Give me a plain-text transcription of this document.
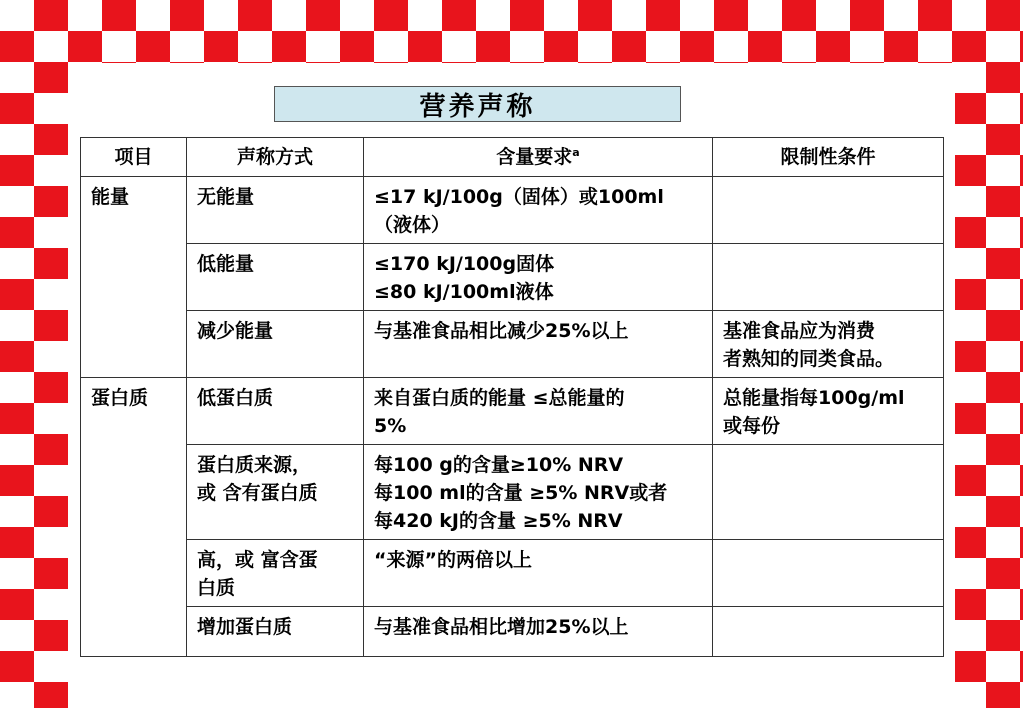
营养声称
项目	声称方式	含量要求$^a$	限制性条件
能量	无能量	≤17 kJ/100g（固体）或100ml
（液体）	

	低能量	≤170 kJ/100g固体
≤80 kJ/100ml液体	

	减少能量	与基准食品相比减少25%以上	基准食品应为消费
者熟知的同类食品。

蛋白质	低蛋白质	来自蛋白质的能量 ≤总能量的
5%	总能量指每100g/ml
或每份

	蛋白质来源，
或 含有蛋白质	每100 g的含量≥10% NRV
每100 ml的含量 ≥5% NRV或者
每420 kJ的含量 ≥5% NRV	

	高，或 富含蛋
白质	“来源”的两倍以上	

	增加蛋白质	与基准食品相比增加25%以上	
